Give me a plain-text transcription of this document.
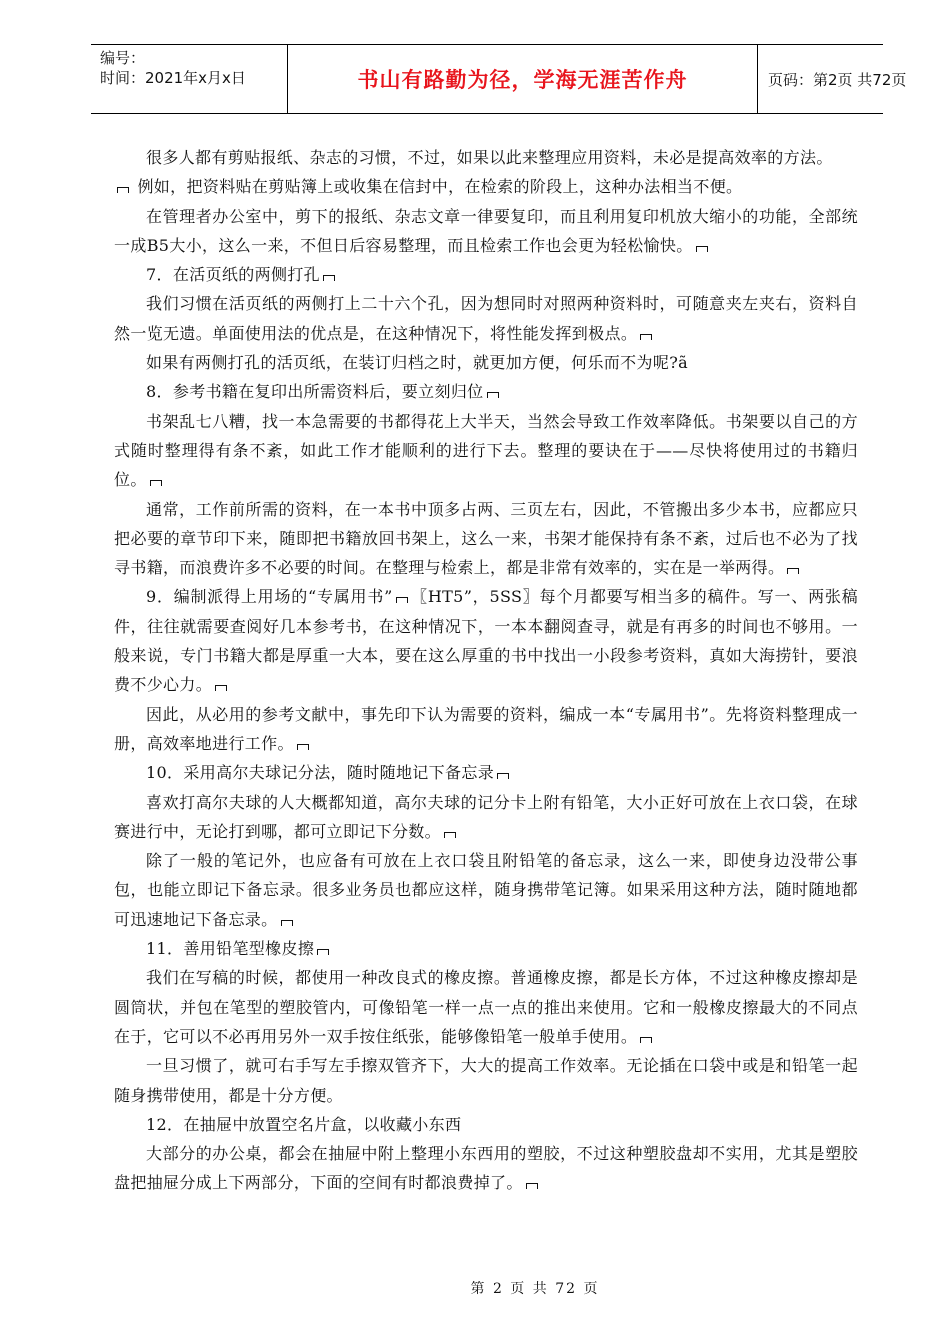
编号：
时间：2021年x月x日	书山有路勤为径，学海无涯苦作舟	页码：第2页 共72页

很多人都有剪贴报纸、杂志的习惯，不过，如果以此来整理应用资料，未必是提高效率的方法。

例如，把资料贴在剪贴簿上或收集在信封中，在检索的阶段上，这种办法相当不便。

在管理者办公室中，剪下的报纸、杂志文章一律要复印，而且利用复印机放大缩小的功能，全部统一成B5大小，这么一来，不但日后容易整理，而且检索工作也会更为轻松愉快。

7．在活页纸的两侧打孔

我们习惯在活页纸的两侧打上二十六个孔，因为想同时对照两种资料时，可随意夹左夹右，资料自然一览无遗。单面使用法的优点是，在这种情况下，将性能发挥到极点。

如果有两侧打孔的活页纸，在装订归档之时，就更加方便，何乐而不为呢?ã

8．参考书籍在复印出所需资料后，要立刻归位

书架乱七八糟，找一本急需要的书都得花上大半天，当然会导致工作效率降低。书架要以自己的方式随时整理得有条不紊，如此工作才能顺利的进行下去。整理的要诀在于——尽快将使用过的书籍归位。

通常，工作前所需的资料，在一本书中顶多占两、三页左右，因此，不管搬出多少本书，应都应只把必要的章节印下来，随即把书籍放回书架上，这么一来，书架才能保持有条不紊，过后也不必为了找寻书籍，而浪费许多不必要的时间。在整理与检索上，都是非常有效率的，实在是一举两得。

9．编制派得上用场的“专属用书” 〖HT5”，5SS〗每个月都要写相当多的稿件。写一、两张稿件，往往就需要查阅好几本参考书，在这种情况下，一本本翻阅查寻，就是有再多的时间也不够用。一般来说，专门书籍大都是厚重一大本，要在这么厚重的书中找出一小段参考资料，真如大海捞针，要浪费不少心力。

因此，从必用的参考文献中，事先印下认为需要的资料，编成一本“专属用书”。先将资料整理成一册，高效率地进行工作。

10．采用高尔夫球记分法，随时随地记下备忘录

喜欢打高尔夫球的人大概都知道，高尔夫球的记分卡上附有铅笔，大小正好可放在上衣口袋，在球赛进行中，无论打到哪，都可立即记下分数。

除了一般的笔记外，也应备有可放在上衣口袋且附铅笔的备忘录，这么一来，即使身边没带公事包，也能立即记下备忘录。很多业务员也都应这样，随身携带笔记簿。如果采用这种方法，随时随地都可迅速地记下备忘录。

11．善用铅笔型橡皮擦

我们在写稿的时候，都使用一种改良式的橡皮擦。普通橡皮擦，都是长方体，不过这种橡皮擦却是圆筒状，并包在笔型的塑胶管内，可像铅笔一样一点一点的推出来使用。它和一般橡皮擦最大的不同点在于，它可以不必再用另外一双手按住纸张，能够像铅笔一般单手使用。

一旦习惯了，就可右手写左手擦双管齐下，大大的提高工作效率。无论插在口袋中或是和铅笔一起随身携带使用，都是十分方便。

12．在抽屉中放置空名片盒，以收藏小东西

大部分的办公桌，都会在抽屉中附上整理小东西用的塑胶，不过这种塑胶盘却不实用，尤其是塑胶盘把抽屉分成上下两部分，下面的空间有时都浪费掉了。

第 2 页 共 72 页
